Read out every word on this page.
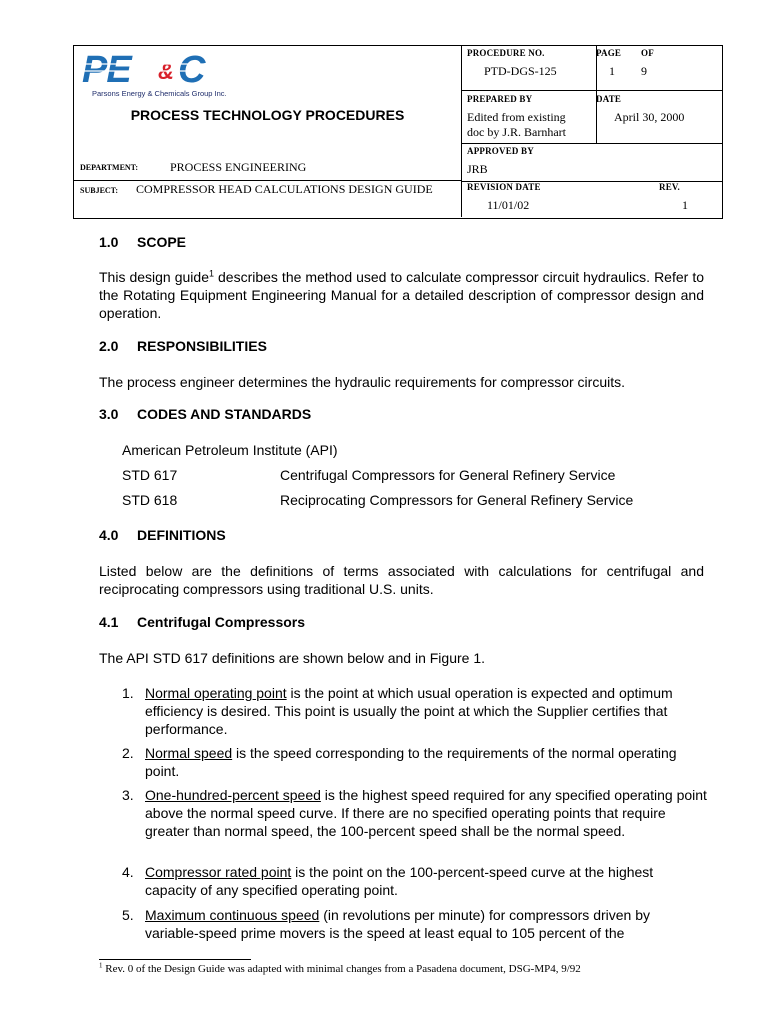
PE & C
Parsons Energy & Chemicals Group Inc.
PROCESS TECHNOLOGY PROCEDURES
DEPARTMENT:	PROCESS ENGINEERING
SUBJECT: COMPRESSOR HEAD CALCULATIONS DESIGN GUIDE
PROCEDURE NO.
PTD-DGS-125
PAGE OF
1 9
PREPARED BY
Edited from existing
doc by J.R. Barnhart
DATE
April 30, 2000
APPROVED BY
JRB
REVISION DATE
11/01/02
REV.
1
1.0 SCOPE
This design guide$^1$ describes the method used to calculate compressor circuit hydraulics. Refer to the Rotating Equipment Engineering Manual for a detailed description of compressor design and operation.
2.0 RESPONSIBILITIES
The process engineer determines the hydraulic requirements for compressor circuits.
3.0 CODES AND STANDARDS
American Petroleum Institute (API)
STD 617	Centrifugal Compressors for General Refinery Service
STD 618	Reciprocating Compressors for General Refinery Service
4.0 DEFINITIONS
Listed below are the definitions of terms associated with calculations for centrifugal and reciprocating compressors using traditional U.S. units.
4.1 Centrifugal Compressors
The API STD 617 definitions are shown below and in Figure 1.
1. Normal operating point is the point at which usual operation is expected and optimum efficiency is desired. This point is usually the point at which the Supplier certifies that performance.
2. Normal speed is the speed corresponding to the requirements of the normal operating point.
3. One-hundred-percent speed is the highest speed required for any specified operating point above the normal speed curve. If there are no specified operating points that require greater than normal speed, the 100-percent speed shall be the normal speed.
4. Compressor rated point is the point on the 100-percent-speed curve at the highest capacity of any specified operating point.
5. Maximum continuous speed (in revolutions per minute) for compressors driven by variable-speed prime movers is the speed at least equal to 105 percent of the
$^1$ Rev. 0 of the Design Guide was adapted with minimal changes from a Pasadena document, DSG-MP4, 9/92
